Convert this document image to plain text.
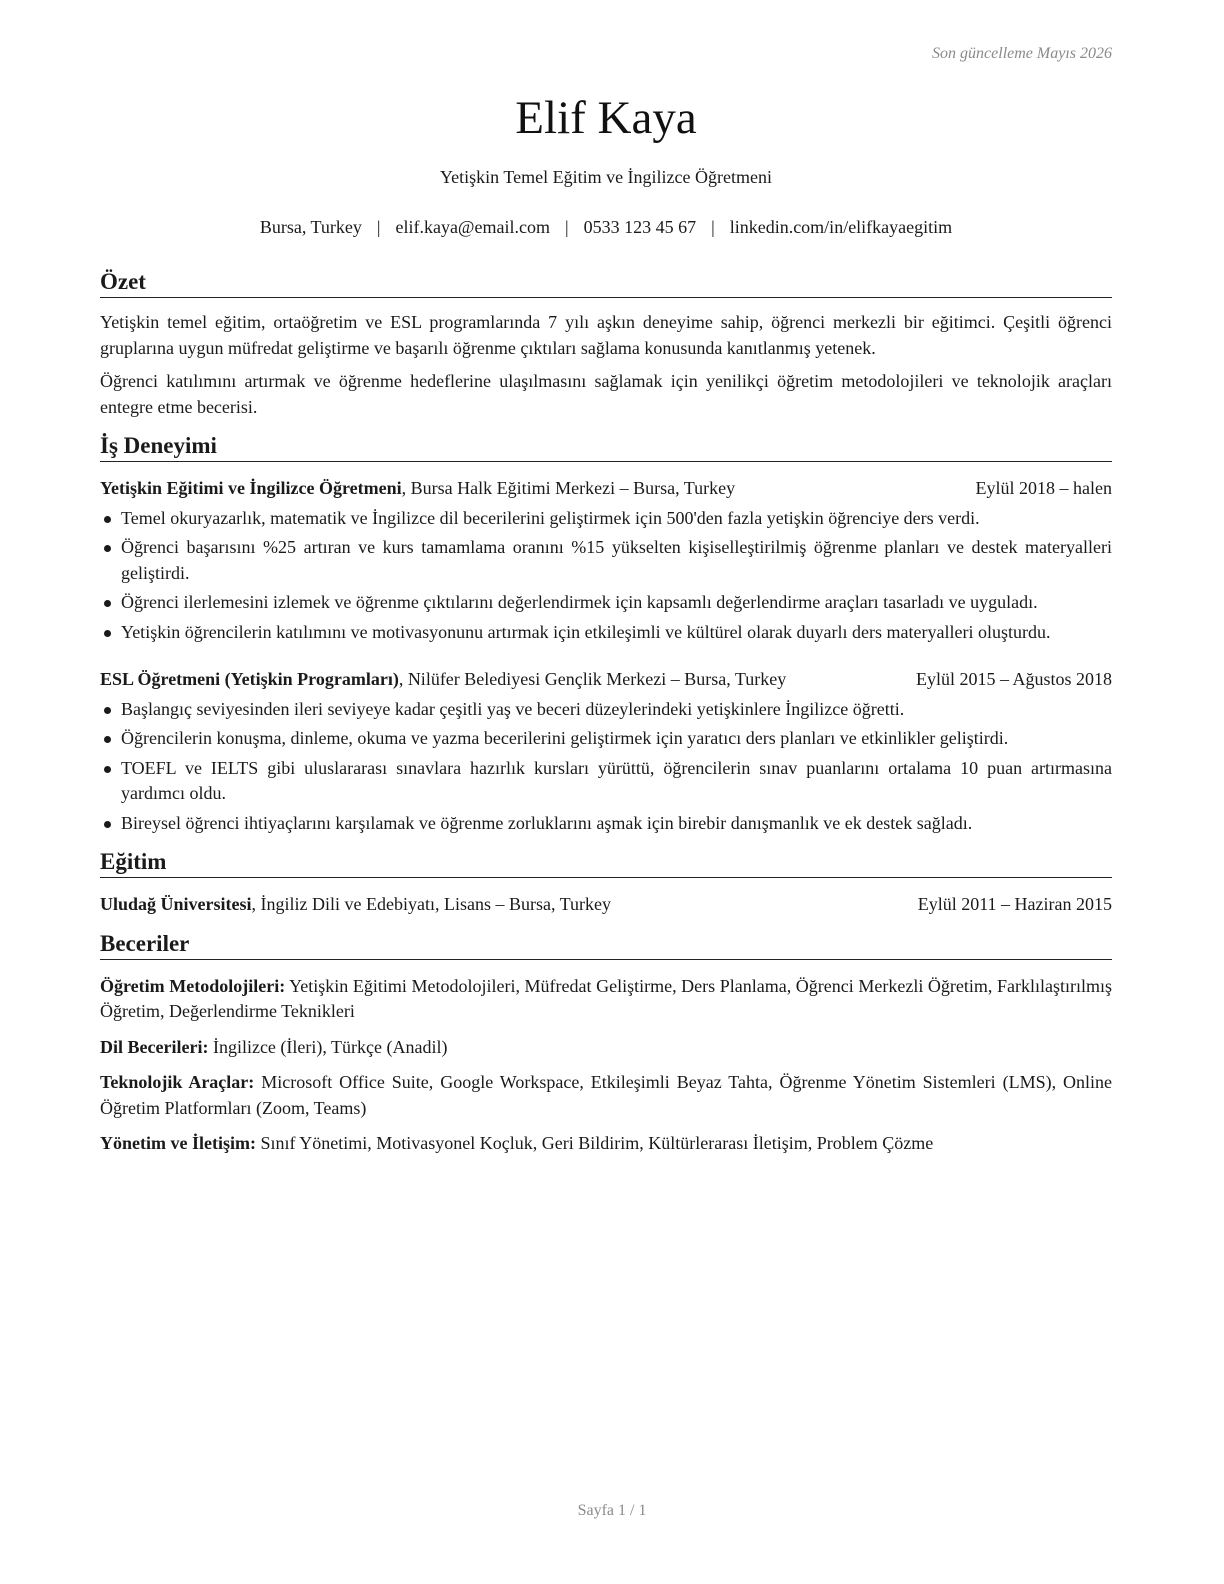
Son güncelleme Mayıs 2026
Elif Kaya
Yetişkin Temel Eğitim ve İngilizce Öğretmeni
Bursa, Turkey | elif.kaya@email.com | 0533 123 45 67 | linkedin.com/in/elifkayaegitim
Özet

Yetişkin temel eğitim, ortaöğretim ve ESL programlarında 7 yılı aşkın deneyime sahip, öğrenci merkezli bir eğitimci. Çeşitli öğrenci gruplarına uygun müfredat geliştirme ve başarılı öğrenme çıktıları sağlama konusunda kanıtlanmış yetenek.

Öğrenci katılımını artırmak ve öğrenme hedeflerine ulaşılmasını sağlamak için yenilikçi öğretim metodolojileri ve teknolojik araçları entegre etme becerisi.

İş Deneyimi
Yetişkin Eğitimi ve İngilizce Öğretmeni, Bursa Halk Eğitimi Merkezi – Bursa, Turkey	Eylül 2018 – halen
Temel okuryazarlık, matematik ve İngilizce dil becerilerini geliştirmek için 500'den fazla yetişkin öğrenciye ders verdi.
Öğrenci başarısını %25 artıran ve kurs tamamlama oranını %15 yükselten kişiselleştirilmiş öğrenme planları ve destek materyalleri geliştirdi.
Öğrenci ilerlemesini izlemek ve öğrenme çıktılarını değerlendirmek için kapsamlı değerlendirme araçları tasarladı ve uyguladı.
Yetişkin öğrencilerin katılımını ve motivasyonunu artırmak için etkileşimli ve kültürel olarak duyarlı ders materyalleri oluşturdu.
ESL Öğretmeni (Yetişkin Programları), Nilüfer Belediyesi Gençlik Merkezi – Bursa, Turkey	Eylül 2015 – Ağustos 2018
Başlangıç seviyesinden ileri seviyeye kadar çeşitli yaş ve beceri düzeylerindeki yetişkinlere İngilizce öğretti.
Öğrencilerin konuşma, dinleme, okuma ve yazma becerilerini geliştirmek için yaratıcı ders planları ve etkinlikler geliştirdi.
TOEFL ve IELTS gibi uluslararası sınavlara hazırlık kursları yürüttü, öğrencilerin sınav puanlarını ortalama 10 puan artırmasına yardımcı oldu.
Bireysel öğrenci ihtiyaçlarını karşılamak ve öğrenme zorluklarını aşmak için birebir danışmanlık ve ek destek sağladı.
Eğitim
Uludağ Üniversitesi, İngiliz Dili ve Edebiyatı, Lisans – Bursa, Turkey	Eylül 2011 – Haziran 2015
Beceriler

Öğretim Metodolojileri: Yetişkin Eğitimi Metodolojileri, Müfredat Geliştirme, Ders Planlama, Öğrenci Merkezli Öğretim, Farklılaştırılmış Öğretim, Değerlendirme Teknikleri

Dil Becerileri: İngilizce (İleri), Türkçe (Anadil)

Teknolojik Araçlar: Microsoft Office Suite, Google Workspace, Etkileşimli Beyaz Tahta, Öğrenme Yönetim Sistemleri (LMS), Online Öğretim Platformları (Zoom, Teams)

Yönetim ve İletişim: Sınıf Yönetimi, Motivasyonel Koçluk, Geri Bildirim, Kültürlerarası İletişim, Problem Çözme

Sayfa 1 / 1
